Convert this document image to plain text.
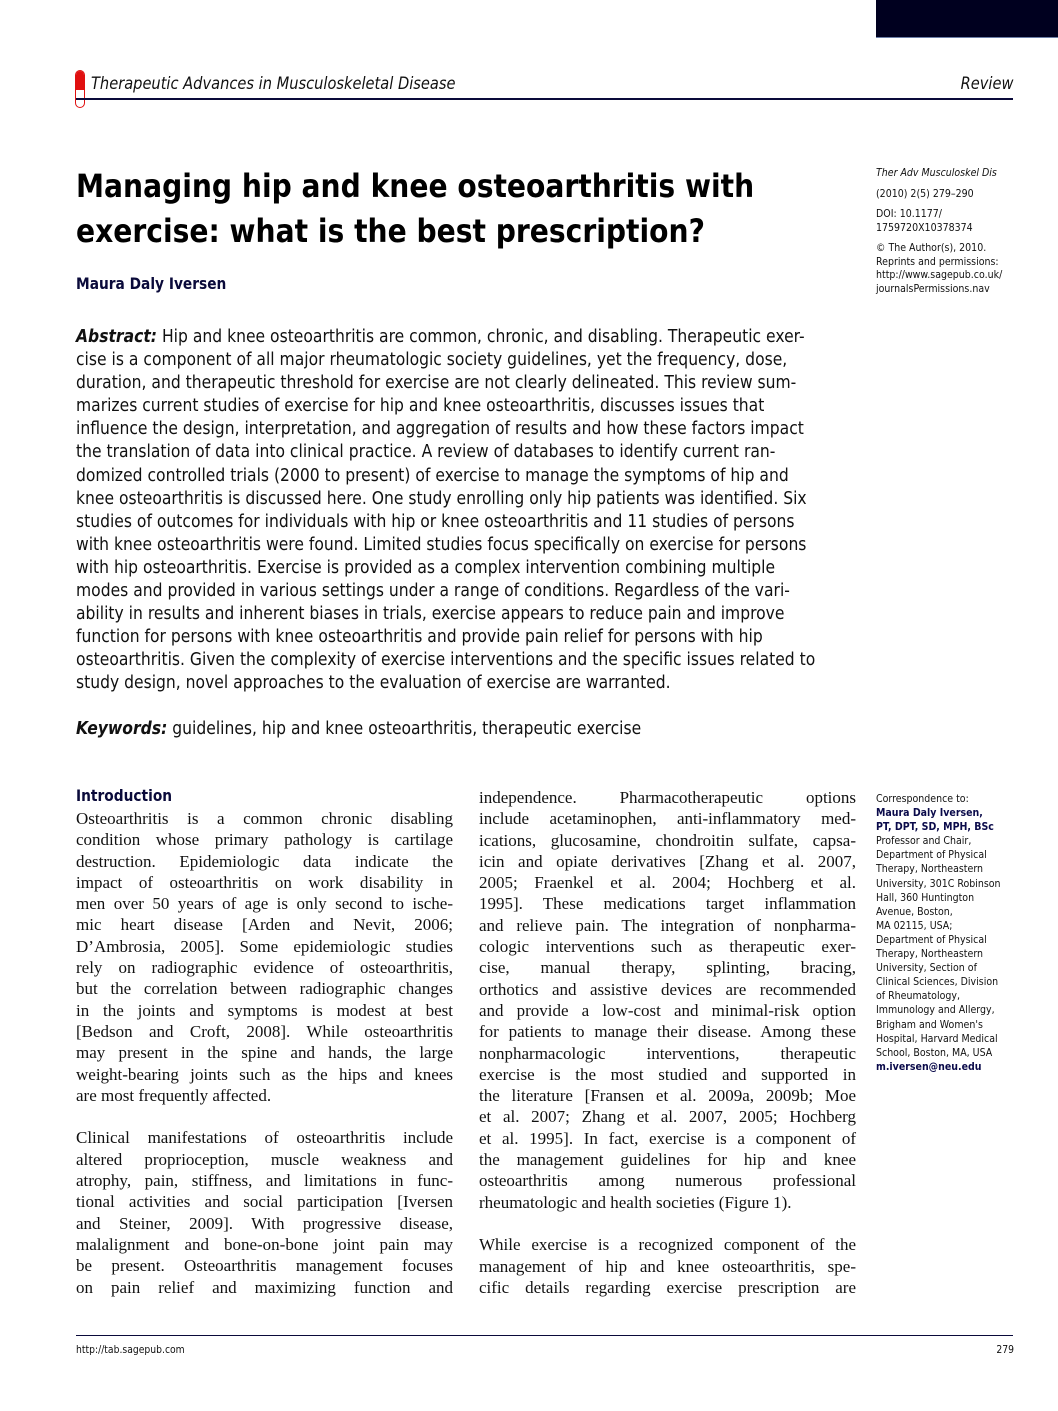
Therapeutic Advances in Musculoskeletal Disease	Review
Managing hip and knee osteoarthritis with
exercise: what is the best prescription?
Maura Daly Iversen
Ther Adv Musculoskel Dis
(2010) 2(5) 279–290
DOI: 10.1177/
1759720X10378374
© The Author(s), 2010.
Reprints and permissions:
http://www.sagepub.co.uk/
journalsPermissions.nav
Abstract: Hip and knee osteoarthritis are common, chronic, and disabling. Therapeutic exer-
cise is a component of all major rheumatologic society guidelines, yet the frequency, dose,
duration, and therapeutic threshold for exercise are not clearly delineated. This review sum-
marizes current studies of exercise for hip and knee osteoarthritis, discusses issues that
influence the design, interpretation, and aggregation of results and how these factors impact
the translation of data into clinical practice. A review of databases to identify current ran-
domized controlled trials (2000 to present) of exercise to manage the symptoms of hip and
knee osteoarthritis is discussed here. One study enrolling only hip patients was identified. Six
studies of outcomes for individuals with hip or knee osteoarthritis and 11 studies of persons
with knee osteoarthritis were found. Limited studies focus specifically on exercise for persons
with hip osteoarthritis. Exercise is provided as a complex intervention combining multiple
modes and provided in various settings under a range of conditions. Regardless of the vari-
ability in results and inherent biases in trials, exercise appears to reduce pain and improve
function for persons with knee osteoarthritis and provide pain relief for persons with hip
osteoarthritis. Given the complexity of exercise interventions and the specific issues related to
study design, novel approaches to the evaluation of exercise are warranted.
Keywords: guidelines, hip and knee osteoarthritis, therapeutic exercise
Introduction
Osteoarthritis is a common chronic disabling
condition whose primary pathology is cartilage
destruction. Epidemiologic data indicate the
impact of osteoarthritis on work disability in
men over 50 years of age is only second to ische-
mic heart disease [Arden and Nevit, 2006;
D’Ambrosia, 2005]. Some epidemiologic studies
rely on radiographic evidence of osteoarthritis,
but the correlation between radiographic changes
in the joints and symptoms is modest at best
[Bedson and Croft, 2008]. While osteoarthritis
may present in the spine and hands, the large
weight-bearing joints such as the hips and knees
are most frequently affected.
Clinical manifestations of osteoarthritis include
altered proprioception, muscle weakness and
atrophy, pain, stiffness, and limitations in func-
tional activities and social participation [Iversen
and Steiner, 2009]. With progressive disease,
malalignment and bone-on-bone joint pain may
be present. Osteoarthritis management focuses
on pain relief and maximizing function and
independence. Pharmacotherapeutic options
include acetaminophen, anti-inflammatory med-
ications, glucosamine, chondroitin sulfate, capsa-
icin and opiate derivatives [Zhang et al. 2007,
2005; Fraenkel et al. 2004; Hochberg et al.
1995]. These medications target inflammation
and relieve pain. The integration of nonpharma-
cologic interventions such as therapeutic exer-
cise, manual therapy, splinting, bracing,
orthotics and assistive devices are recommended
and provide a low-cost and minimal-risk option
for patients to manage their disease. Among these
nonpharmacologic interventions, therapeutic
exercise is the most studied and supported in
the literature [Fransen et al. 2009a, 2009b; Moe
et al. 2007; Zhang et al. 2007, 2005; Hochberg
et al. 1995]. In fact, exercise is a component of
the management guidelines for hip and knee
osteoarthritis among numerous professional
rheumatologic and health societies (Figure 1).
While exercise is a recognized component of the
management of hip and knee osteoarthritis, spe-
cific details regarding exercise prescription are
Correspondence to:
Maura Daly Iversen,
PT, DPT, SD, MPH, BSc
Professor and Chair,
Department of Physical
Therapy, Northeastern
University, 301C Robinson
Hall, 360 Huntington
Avenue, Boston,
MA 02115, USA;
Department of Physical
Therapy, Northeastern
University, Section of
Clinical Sciences, Division
of Rheumatology,
Immunology and Allergy,
Brigham and Women's
Hospital, Harvard Medical
School, Boston, MA, USA
m.iversen@neu.edu
http://tab.sagepub.com	279
